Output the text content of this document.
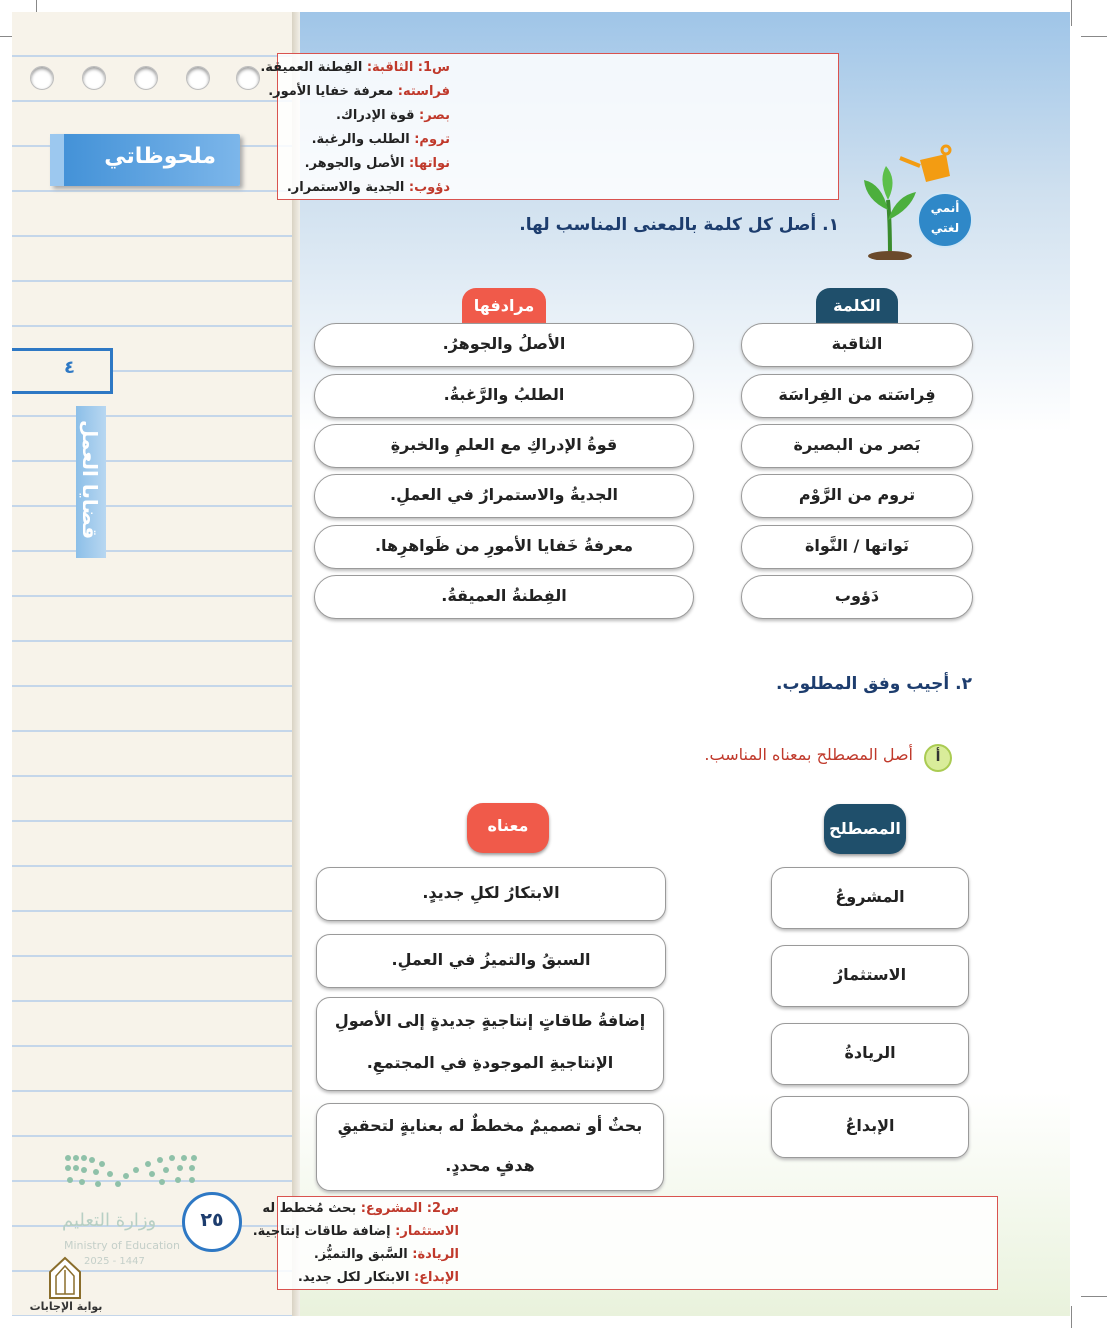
ملحوظاتي
٤
قضايا العمل
وزارة التعليم
Ministry of Education
2025 - 1447
٢٥
بوابة الإجابات
س1: الثاقبة: الفِطنة العميقة.
فراسته: معرفة خفايا الأمور.
بصر: قوة الإدراك.
تروم: الطلب والرغبة.
نواتها: الأصل والجوهر.
دؤوب: الجدية والاستمرار.
أنمي
لغتي
١. أصل كل كلمة بالمعنى المناسب لها.
الكلمة
مرادفها
الثاقبة
فِراسَته من الفِراسَة
بَصر من البصيرة
تروم من الرَّوْم
نَواتها / النَّواة
دَؤوب
الأصلُ والجوهرُ.
الطلبُ والرَّغبةُ.
قوةُ الإدراكِ مع العلمِ والخبرةِ
الجديةُ والاستمرارُ في العملِ.
معرفةُ خَفايا الأمورِ من ظَواهرِها.
الفِطنةُ العميقةُ.
٢. أجيب وفق المطلوب.
أ
أصل المصطلح بمعناه المناسب.
المصطلح
معناه
المشروعُ
الاستثمارُ
الريادةُ
الإبداعُ
الابتكارُ لكلِ جديدٍ.
السبقُ والتميزُ في العملِ.
إضافةُ طاقاتٍ إنتاجيةٍ جديدةٍ إلى الأصولِ
الإنتاجيةِ الموجودةِ في المجتمعِ.
بحثٌ أو تصميمٌ مخططٌ له بعنايةٍ لتحقيقِ
هدفٍ محددٍ.
س2: المشروع: بحث مُخطط له
الاستثمار: إضافة طاقات إنتاجية.
الريادة: السَّبق والتميُّز.
الإبداع: الابتكار لكل جديد.
